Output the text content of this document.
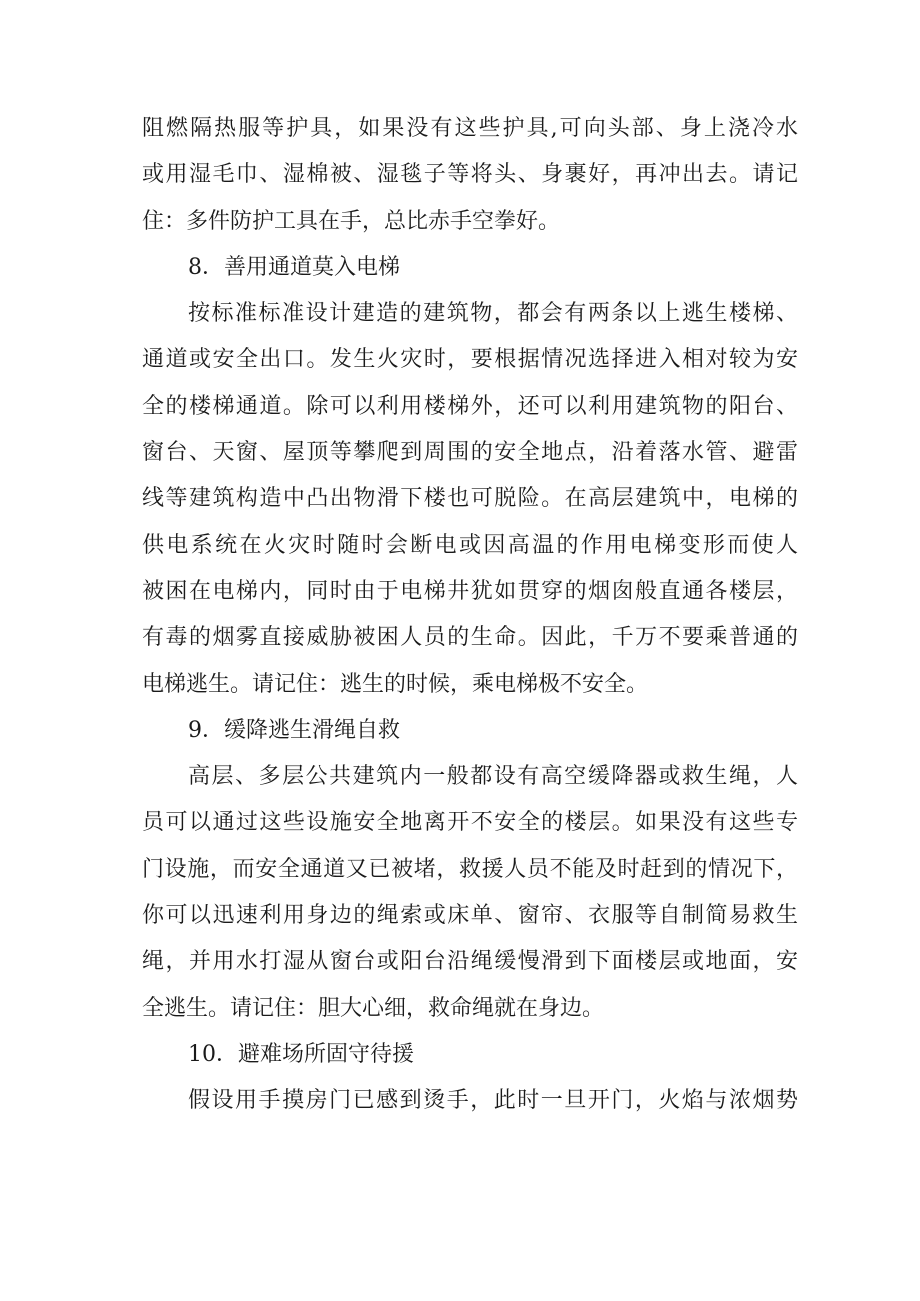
阻燃隔热服等护具，如果没有这些护具,可向头部、身上浇冷水
或用湿毛巾、湿棉被、湿毯子等将头、身裹好，再冲出去。请记
住：多件防护工具在手，总比赤手空拳好。
8．善用通道莫入电梯
按标准标准设计建造的建筑物，都会有两条以上逃生楼梯、
通道或安全出口。发生火灾时，要根据情况选择进入相对较为安
全的楼梯通道。除可以利用楼梯外，还可以利用建筑物的阳台、
窗台、天窗、屋顶等攀爬到周围的安全地点，沿着落水管、避雷
线等建筑构造中凸出物滑下楼也可脱险。在高层建筑中，电梯的
供电系统在火灾时随时会断电或因高温的作用电梯变形而使人
被困在电梯内，同时由于电梯井犹如贯穿的烟囱般直通各楼层，
有毒的烟雾直接威胁被困人员的生命。因此，千万不要乘普通的
电梯逃生。请记住：逃生的时候，乘电梯极不安全。
9．缓降逃生滑绳自救
高层、多层公共建筑内一般都设有高空缓降器或救生绳，人
员可以通过这些设施安全地离开不安全的楼层。如果没有这些专
门设施，而安全通道又已被堵，救援人员不能及时赶到的情况下，
你可以迅速利用身边的绳索或床单、窗帘、衣服等自制简易救生
绳，并用水打湿从窗台或阳台沿绳缓慢滑到下面楼层或地面，安
全逃生。请记住：胆大心细，救命绳就在身边。
10．避难场所固守待援
假设用手摸房门已感到烫手，此时一旦开门，火焰与浓烟势
